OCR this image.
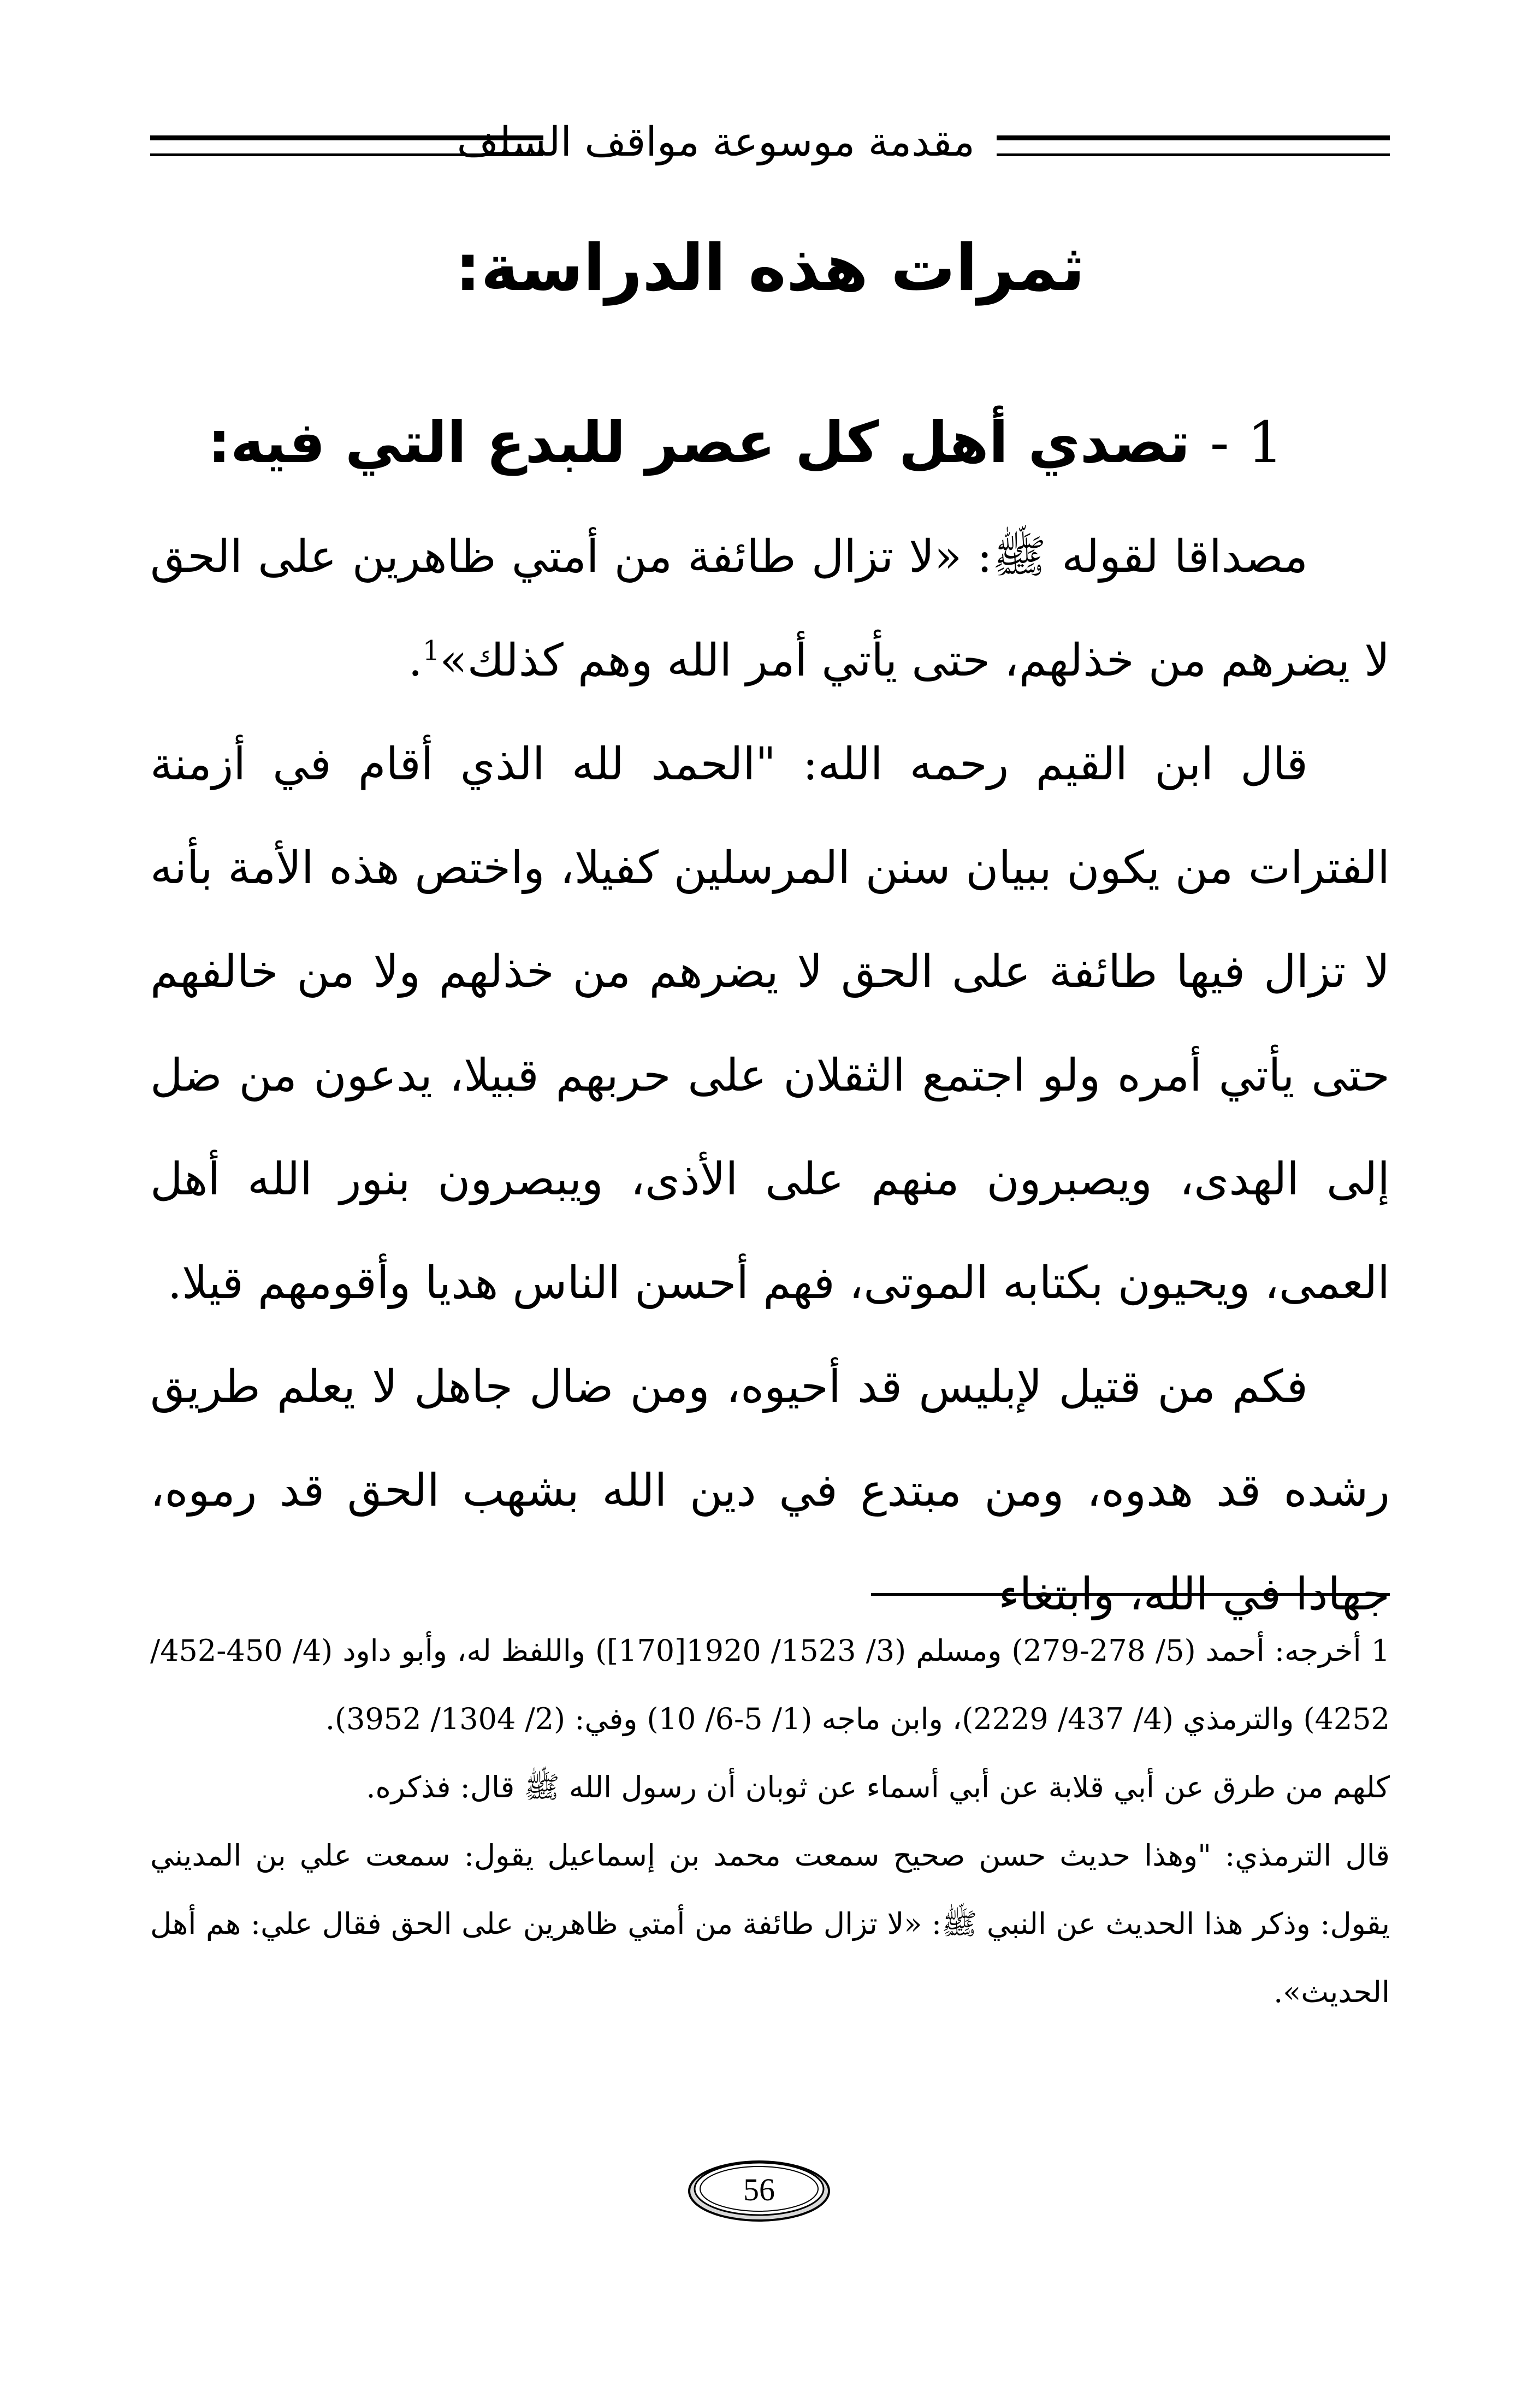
مقدمة موسوعة مواقف السلف
ثمرات هذه الدراسة:
1 - تصدي أهل كل عصر للبدع التي فيه:

مصداقا لقوله ﷺ: «لا تزال طائفة من أمتي ظاهرين على الحق لا يضرهم من خذلهم، حتى يأتي أمر الله وهم كذلك»$^1$.

قال ابن القيم رحمه الله: "الحمد لله الذي أقام في أزمنة الفترات من يكون ببيان سنن المرسلين كفيلا، واختص هذه الأمة بأنه لا تزال فيها طائفة على الحق لا يضرهم من خذلهم ولا من خالفهم حتى يأتي أمره ولو اجتمع الثقلان على حربهم قبيلا، يدعون من ضل إلى الهدى، ويصبرون منهم على الأذى، ويبصرون بنور الله أهل العمى، ويحيون بكتابه الموتى، فهم أحسن الناس هديا وأقومهم قيلا.

فكم من قتيل لإبليس قد أحيوه، ومن ضال جاهل لا يعلم طريق رشده قد هدوه، ومن مبتدع في دين الله بشهب الحق قد رموه، جهادا في الله، وابتغاء

1 أخرجه: أحمد (5/ 278-279) ومسلم (3/ 1523/ 1920[170]) واللفظ له، وأبو داود (4/ 450-452/ 4252) والترمذي (4/ 437/ 2229)، وابن ماجه (1/ 5-6/ 10) وفي: (2/ 1304/ 3952).

كلهم من طرق عن أبي قلابة عن أبي أسماء عن ثوبان أن رسول الله ﷺ قال: فذكره.

قال الترمذي: "وهذا حديث حسن صحيح سمعت محمد بن إسماعيل يقول: سمعت علي بن المديني يقول: وذكر هذا الحديث عن النبي ﷺ: «لا تزال طائفة من أمتي ظاهرين على الحق فقال علي: هم أهل الحديث».

56
